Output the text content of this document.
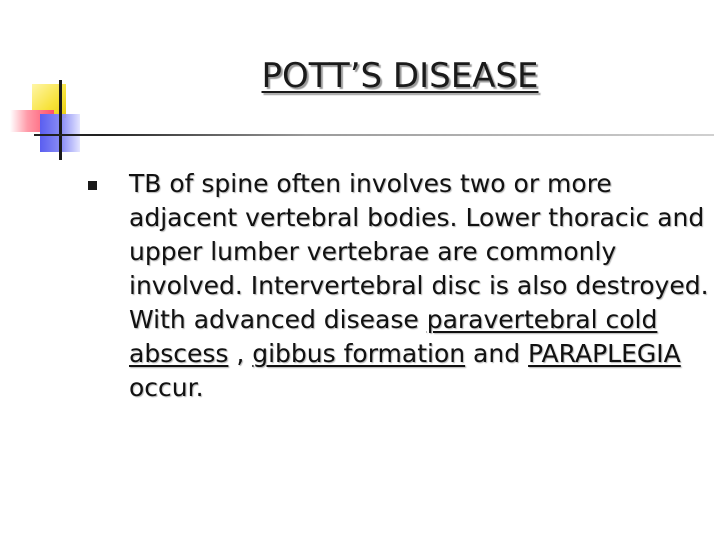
POTT’S DISEASE
TB of spine often involves two or more adjacent vertebral bodies. Lower thoracic and upper lumber vertebrae are commonly involved. Intervertebral disc is also destroyed. With advanced disease paravertebral cold abscess , gibbus formation and PARAPLEGIA occur.
